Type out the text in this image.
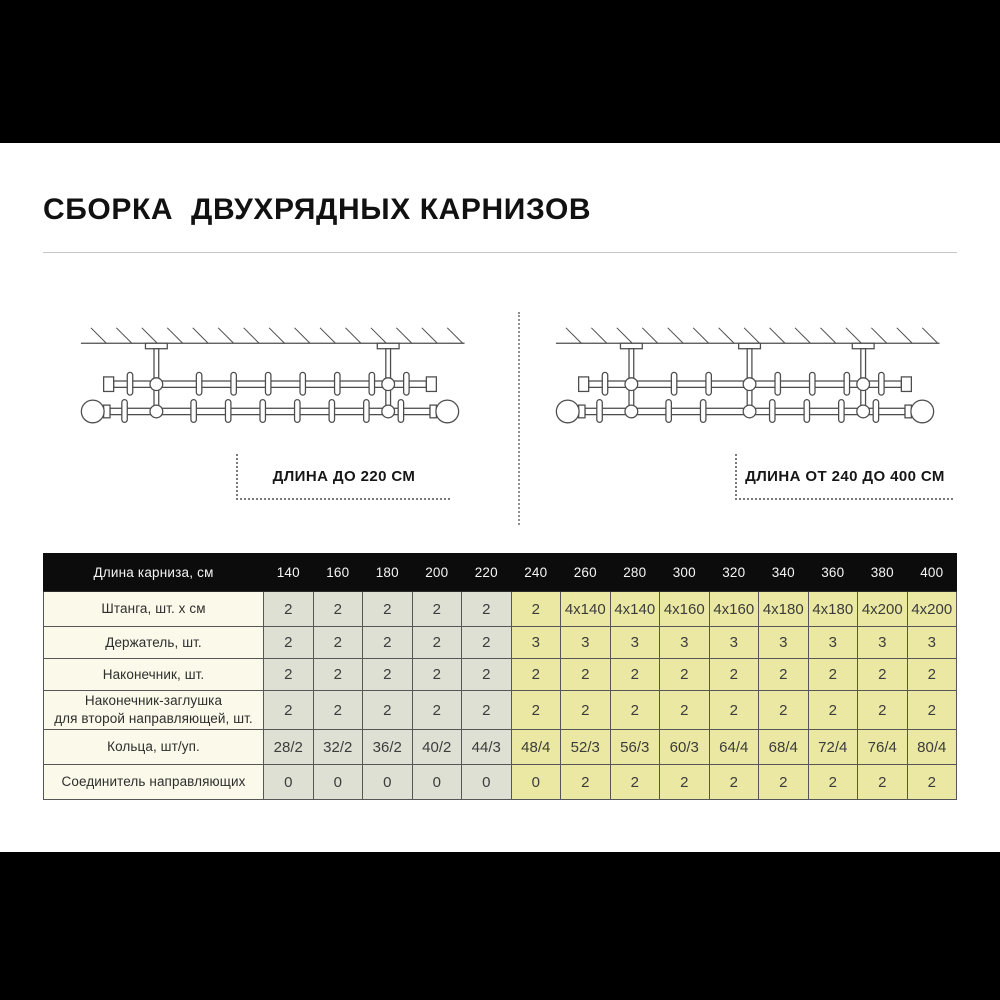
СБОРКА  ДВУХРЯДНЫХ КАРНИЗОВ
ДЛИНА ДО 220 СМ	ДЛИНА ОТ 240 ДО 400 СМ
Длина карниза, см	140	160	180	200	220	240	260	280	300	320	340	360	380	400

Штанга, шт. х см	2	2	2	2	2	2	4x140	4x140	4x160	4x160	4x180	4x180	4x200	4x200

Держатель, шт.	2	2	2	2	2	3	3	3	3	3	3	3	3	3

Наконечник, шт.	2	2	2	2	2	2	2	2	2	2	2	2	2	2

Наконечник-заглушка
для второй направляющей, шт.	2	2	2	2	2	2	2	2	2	2	2	2	2	2

Кольца, шт/уп.	28/2	32/2	36/2	40/2	44/3	48/4	52/3	56/3	60/3	64/4	68/4	72/4	76/4	80/4

Соединитель направляющих	0	0	0	0	0	0	2	2	2	2	2	2	2	2
